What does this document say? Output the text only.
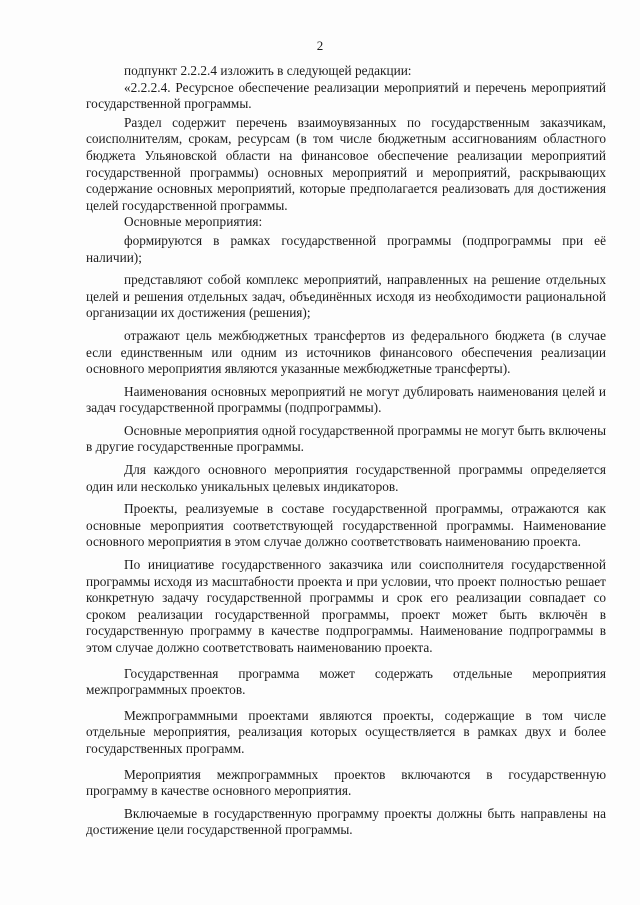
2

подпункт 2.2.2.4 изложить в следующей редакции:

«2.2.2.4. Ресурсное обеспечение реализации мероприятий и перечень мероприятий государственной программы.

Раздел содержит перечень взаимоувязанных по государственным заказчикам, соисполнителям, срокам, ресурсам (в том числе бюджетным ассигнованиям областного бюджета Ульяновской области на финансовое обеспечение реализации мероприятий государственной программы) основных мероприятий и мероприятий, раскрывающих содержание основных мероприятий, которые предполагается реализовать для достижения целей государственной программы.

Основные мероприятия:

формируются в рамках государственной программы (подпрограммы при её наличии);

представляют собой комплекс мероприятий, направленных на решение отдельных целей и решения отдельных задач, объединённых исходя из необходимости рациональной организации их достижения (решения);

отражают цель межбюджетных трансфертов из федерального бюджета (в случае если единственным или одним из источников финансового обеспечения реализации основного мероприятия являются указанные межбюджетные трансферты).

Наименования основных мероприятий не могут дублировать наименования целей и задач государственной программы (подпрограммы).

Основные мероприятия одной государственной программы не могут быть включены в другие государственные программы.

Для каждого основного мероприятия государственной программы определяется один или несколько уникальных целевых индикаторов.

Проекты, реализуемые в составе государственной программы, отражаются как основные мероприятия соответствующей государственной программы. Наименование основного мероприятия в этом случае должно соответствовать наименованию проекта.

По инициативе государственного заказчика или соисполнителя государственной программы исходя из масштабности проекта и при условии, что проект полностью решает конкретную задачу государственной программы и срок его реализации совпадает со сроком реализации государственной программы, проект может быть включён в государственную программу в качестве подпрограммы. Наименование подпрограммы в этом случае должно соответствовать наименованию проекта.

Государственная программа может содержать отдельные мероприятия межпрограммных проектов.

Межпрограммными проектами являются проекты, содержащие в том числе отдельные мероприятия, реализация которых осуществляется в рамках двух и более государственных программ.

Мероприятия межпрограммных проектов включаются в государственную программу в качестве основного мероприятия.

Включаемые в государственную программу проекты должны быть направлены на достижение цели государственной программы.
